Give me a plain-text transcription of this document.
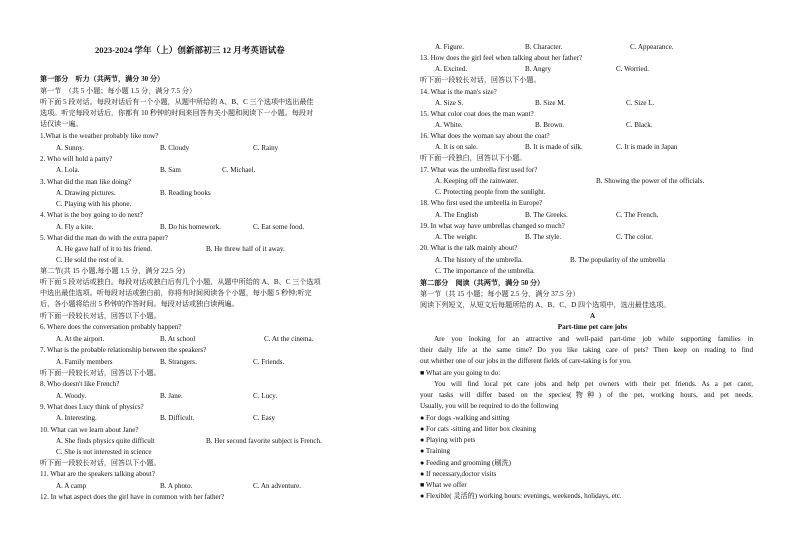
2023-2024 学年（上）创新部初三 12 月考英语试卷
第一部分　听力（共两节，满分 30 分）
第一节　（共 5 小题；每小题 1.5 分，满分 7.5 分）
听下面 5 段对话。每段对话后有一个小题，从题中所给的 A、B、C 三个选项中选出最佳
选项。听完每段对话后，你都有 10 秒钟的时间来回答有关小题和阅读下一小题。每段对
话仅读一遍。
1.What is the weather probably like now?
A. Sunny.	B. Cloudy	C. Rainy
2. Who will hold a party?
A. Lola.	B. Sam	C. Michael.
3. What did the man like doing?
A. Drawing pictures.	B. Reading books
C. Playing with his phone.
4. What is the boy going to do next?
A. Fly a kite.	B. Do his homework.	C. Eat some food.
5. What did the man do with the extra paper?
A. He gave half of it to his friend.	B. He threw half of it away.
C. He sold the rest of it.
第二节(共 15 小题,每小题 1.5 分，满分 22.5 分)
听下面 5 段对话或独白。每段对话或独白后有几个小题，从题中所给的 A、B、C 三个选项
中选出最佳选项。听每段对话或独白前，你将有时间阅读各个小题，每小题 5 秒钟;听完
后，各小题将给出 5 秒钟的作答时间。每段对话或独白读两遍。
听下面一段较长对话，回答以下小题。
6. Where does the conversation probably happen?
A. At the airport.	B. At school	C. At the cinema.
7. What is the probable relationship between the speakers?
A. Family members	B. Strangers.	C. Friends.
听下面一段较长对话，回答以下小题。
8. Who doesn't like French?
A. Woody.	B. Jane.	C. Lucy.
9. What does Lucy think of physics?
A. Interesting.	B. Difficult.	C. Easy
10. What can we learn about Jane?
A. She finds physics quite difficult	B. Her second favorite subject is French.
C. She is not interested in science
听下面一段较长对话，回答以下小题。
11. What are the speakers talking about?
A. A camp	B. A photo.	C. An adventure.
12. In what aspect does the girl have in common with her father?
A. Figure.	B. Character.	C. Appearance.
13. How does the girl feel when talking about her father?
A. Excited.	B. Angry	C. Worried.
听下面一段较长对话，回答以下小题。
14. What is the man's size?
A. Size S.	B. Size M.	C. Size L.
15. What color coat does the man want?
A. White.	B. Brown.	C. Black.
16. What does the woman say about the coat?
A. It is on sale.	B. It is made of silk.	C. It is made in Japan
听下面一段独白，回答以下小题。
17. What was the umbrella first used for?
A. Keeping off the rainwater.	B. Showing the power of the officials.
C. Protecting people from the sunlight.
18. Who first used the umbrella in Europe?
A. The English	B. The Greeks.	C. The French.
19. In what way have umbrellas changed so much?
A. The weight.	B. The style.	C. The color.
20. What is the talk mainly about?
A. The history of the umbrella.	B. The popularity of the umbrella
C. The importance of the umbrella.
第二部分　阅读（共两节，满分 50 分）
第一节（共 15 小题；每小题 2.5 分，满分 37.5 分）
阅读下列短文，从短文后每题所给的 A、B、C、D 四个选项中，选出最佳选项。
A
Part-time pet care jobs
Are you looking for an attractive and well-paid part-time job while supporting families in
their daily life at the same time? Do you like taking care of pets? Then keep on reading to find
out whether one of our jobs in the different fields of care-taking is for you.
■ What are you going to do:
You will find local pet care jobs and help pet owners with their pet friends. As a pet carer,
your tasks will differ based on the species(物种) of the pet, working hours, and pet needs.
Usually, you will be required to do the following
● For dogs -walking and sitting
● For cats -sitting and litter box cleaning
● Playing with pets
● Training
● Feeding and grooming (刷洗)
● If necessary,doctor visits
■ What we offer
● Flexible( 灵活的) working hours: evenings, weekends, holidays, etc.
